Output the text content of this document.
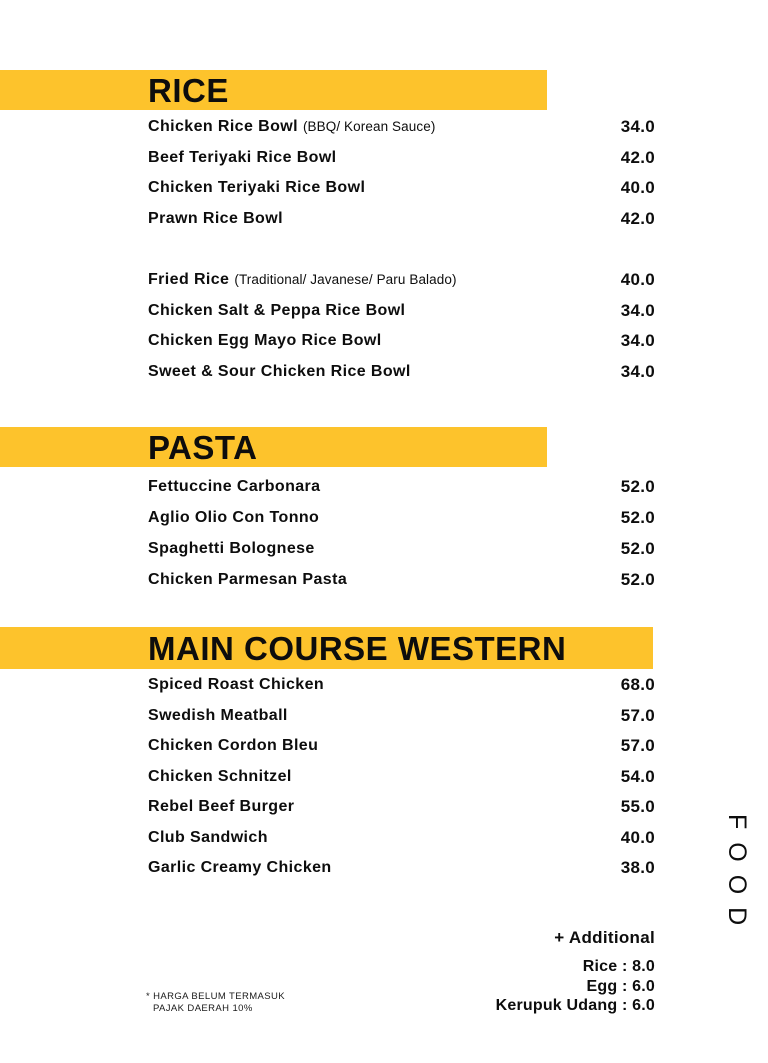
RICE
Chicken Rice Bowl (BBQ/ Korean Sauce)	34.0
Beef Teriyaki Rice Bowl	42.0
Chicken Teriyaki Rice Bowl	40.0
Prawn Rice Bowl	42.0
Fried Rice (Traditional/ Javanese/ Paru Balado)	40.0
Chicken Salt & Peppa Rice Bowl	34.0
Chicken Egg Mayo Rice Bowl	34.0
Sweet & Sour Chicken Rice Bowl	34.0
PASTA
Fettuccine Carbonara	52.0
Aglio Olio Con Tonno	52.0
Spaghetti Bolognese	52.0
Chicken Parmesan Pasta	52.0
MAIN COURSE WESTERN
Spiced Roast Chicken	68.0
Swedish Meatball	57.0
Chicken Cordon Bleu	57.0
Chicken Schnitzel	54.0
Rebel Beef Burger	55.0
Club Sandwich	40.0
Garlic Creamy Chicken	38.0
+ Additional
Rice : 8.0
Egg : 6.0
Kerupuk Udang : 6.0
* HARGA BELUM TERMASUK
PAJAK DAERAH 10%
FOOD
